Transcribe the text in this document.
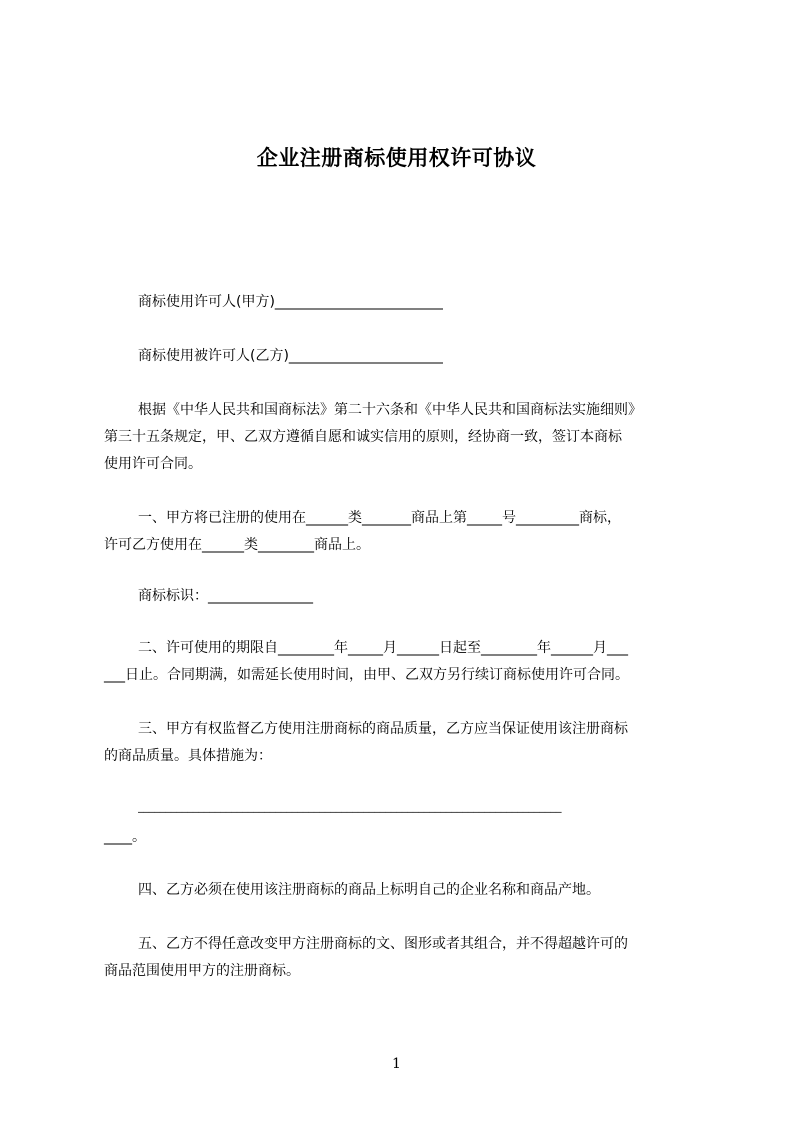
企业注册商标使用权许可协议

商标使用许可人(甲方)________________________

商标使用被许可人(乙方)______________________

根据《中华人民共和国商标法》第二十六条和《中华人民共和国商标法实施细则》

第三十五条规定，甲、乙双方遵循自愿和诚实信用的原则，经协商一致，签订本商标

使用许可合同。

一、甲方将已注册的使用在______类_______商品上第_____号_________商标，

许可乙方使用在______类________商品上。

商标标识：_______________

二、许可使用的期限自________年_____月______日起至________年______月___

___日止。合同期满，如需延长使用时间，由甲、乙双方另行续订商标使用许可合同。

三、甲方有权监督乙方使用注册商标的商品质量，乙方应当保证使用该注册商标

的商品质量。具体措施为：

_____________________________________________________________________________

____。

四、乙方必须在使用该注册商标的商品上标明自己的企业名称和商品产地。

五、乙方不得任意改变甲方注册商标的文、图形或者其组合，并不得超越许可的

商品范围使用甲方的注册商标。

1
